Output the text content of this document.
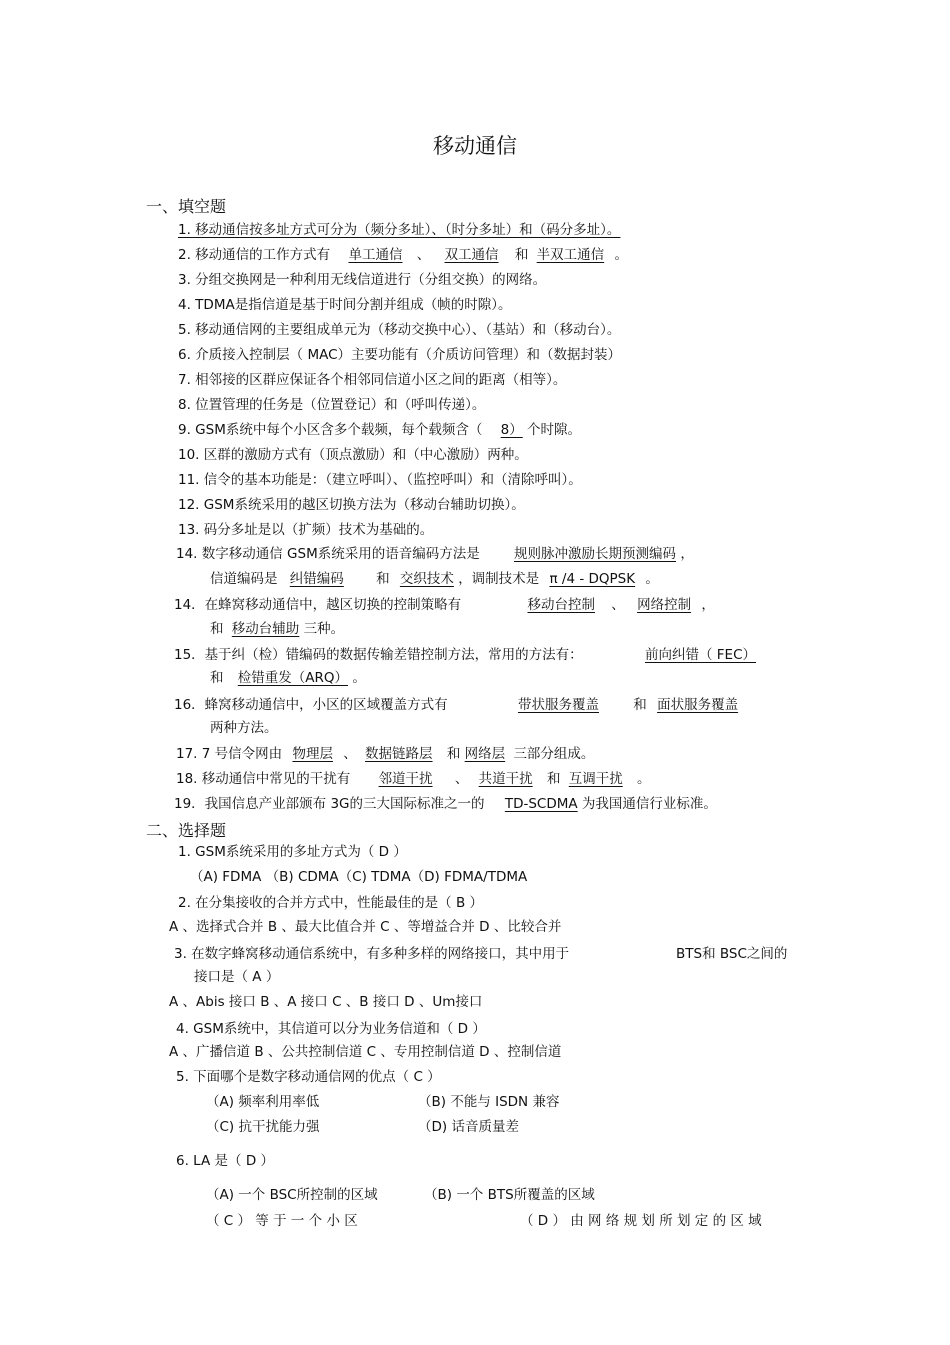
移动通信
一、填空题
1. 移动通信按多址方式可分为（频分多址）、（时分多址）和（码分多址）。
2. 移动通信的工作方式有 单工通信 、 双工通信 和 半双工通信 。
3. 分组交换网是一种利用无线信道进行（分组交换）的网络。
4. TDMA是指信道是基于时间分割并组成（帧的时隙）。
5. 移动通信网的主要组成单元为（移动交换中心）、（基站）和（移动台）。
6. 介质接入控制层（ MAC）主要功能有（介质访问管理）和（数据封装）
7. 相邻接的区群应保证各个相邻同信道小区之间的距离（相等）。
8. 位置管理的任务是（位置登记）和（呼叫传递）。
9. GSM系统中每个小区含多个载频，每个载频含（ 8） 个时隙。
10. 区群的激励方式有（顶点激励）和（中心激励）两种。
11. 信令的基本功能是：（建立呼叫）、（监控呼叫）和（清除呼叫）。
12. GSM系统采用的越区切换方法为（移动台辅助切换）。
13. 码分多址是以（扩频）技术为基础的。
14. 数字移动通信 GSM系统采用的语音编码方法是	规则脉冲激励长期预测编码 ，
信道编码是 纠错编码 和 交织技术 ，调制技术是 π /4 - DQPSK 。
14．在蜂窝移动通信中，越区切换的控制策略有	移动台控制 、 网络控制 ，
和 移动台辅助 三种。
15．基于纠（检）错编码的数据传输差错控制方法，常用的方法有：	前向纠错（ FEC）
和 检错重发（ARQ） 。
16．蜂窝移动通信中，小区的区域覆盖方式有	带状服务覆盖	和 面状服务覆盖
两种方法。
17. 7 号信令网由 物理层 、 数据链路层 和 网络层 三部分组成。
18. 移动通信中常见的干扰有 邻道干扰 、 共道干扰 和 互调干扰 。
19．我国信息产业部颁布 3G的三大国际标准之一的 TD-SCDMA 为我国通信行业标准。
二、选择题
1. GSM系统采用的多址方式为（ D ）
（A) FDMA （B) CDMA（C) TDMA（D) FDMA/TDMA
2. 在分集接收的合并方式中，性能最佳的是（ B ）
A 、选择式合并 B 、最大比值合并 C 、等增益合并 D 、比较合并
3. 在数字蜂窝移动通信系统中，有多种多样的网络接口，其中用于	BTS和 BSC之间的
接口是（ A ）
A 、Abis 接口 B 、A 接口 C 、B 接口 D 、Um接口
4. GSM系统中，其信道可以分为业务信道和（ D ）
A 、广播信道 B 、公共控制信道 C 、专用控制信道 D 、控制信道
5. 下面哪个是数字移动通信网的优点（ C ）
（A) 频率利用率低	（B) 不能与 ISDN 兼容
（C) 抗干扰能力强	（D) 话音质量差
6. LA 是（ D ）
（A) 一个 BSC所控制的区域	（B) 一个 BTS所覆盖的区域
（ C ） 等 于 一 个 小 区	（ D ） 由 网 络 规 划 所 划 定 的 区 域
